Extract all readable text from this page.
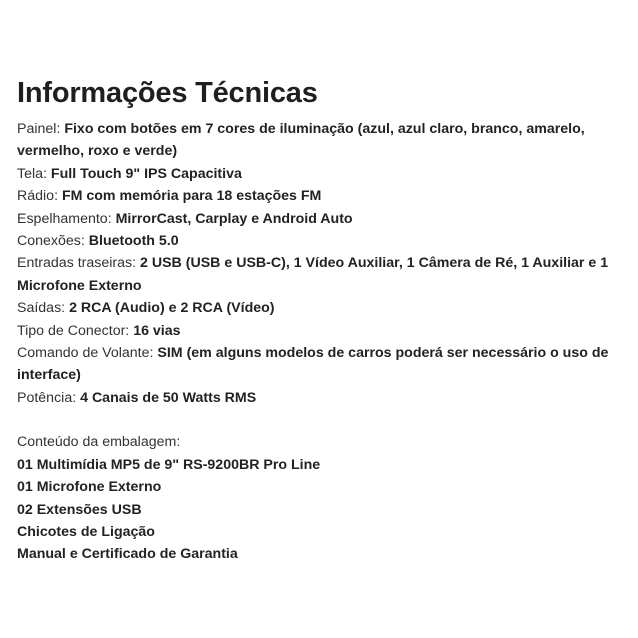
Informações Técnicas
Painel: Fixo com botões em 7 cores de iluminação (azul, azul claro, branco, amarelo, vermelho, roxo e verde)
Tela: Full Touch 9" IPS Capacitiva
Rádio: FM com memória para 18 estações FM
Espelhamento: MirrorCast, Carplay e Android Auto
Conexões: Bluetooth 5.0
Entradas traseiras: 2 USB (USB e USB-C), 1 Vídeo Auxiliar, 1 Câmera de Ré, 1 Auxiliar e 1 Microfone Externo
Saídas: 2 RCA (Audio) e 2 RCA (Vídeo)
Tipo de Conector: 16 vias
Comando de Volante: SIM (em alguns modelos de carros poderá ser necessário o uso de interface)
Potência: 4 Canais de 50 Watts RMS
Conteúdo da embalagem:
01 Multimídia MP5 de 9" RS-9200BR Pro Line
01 Microfone Externo
02 Extensões USB
Chicotes de Ligação
Manual e Certificado de Garantia
